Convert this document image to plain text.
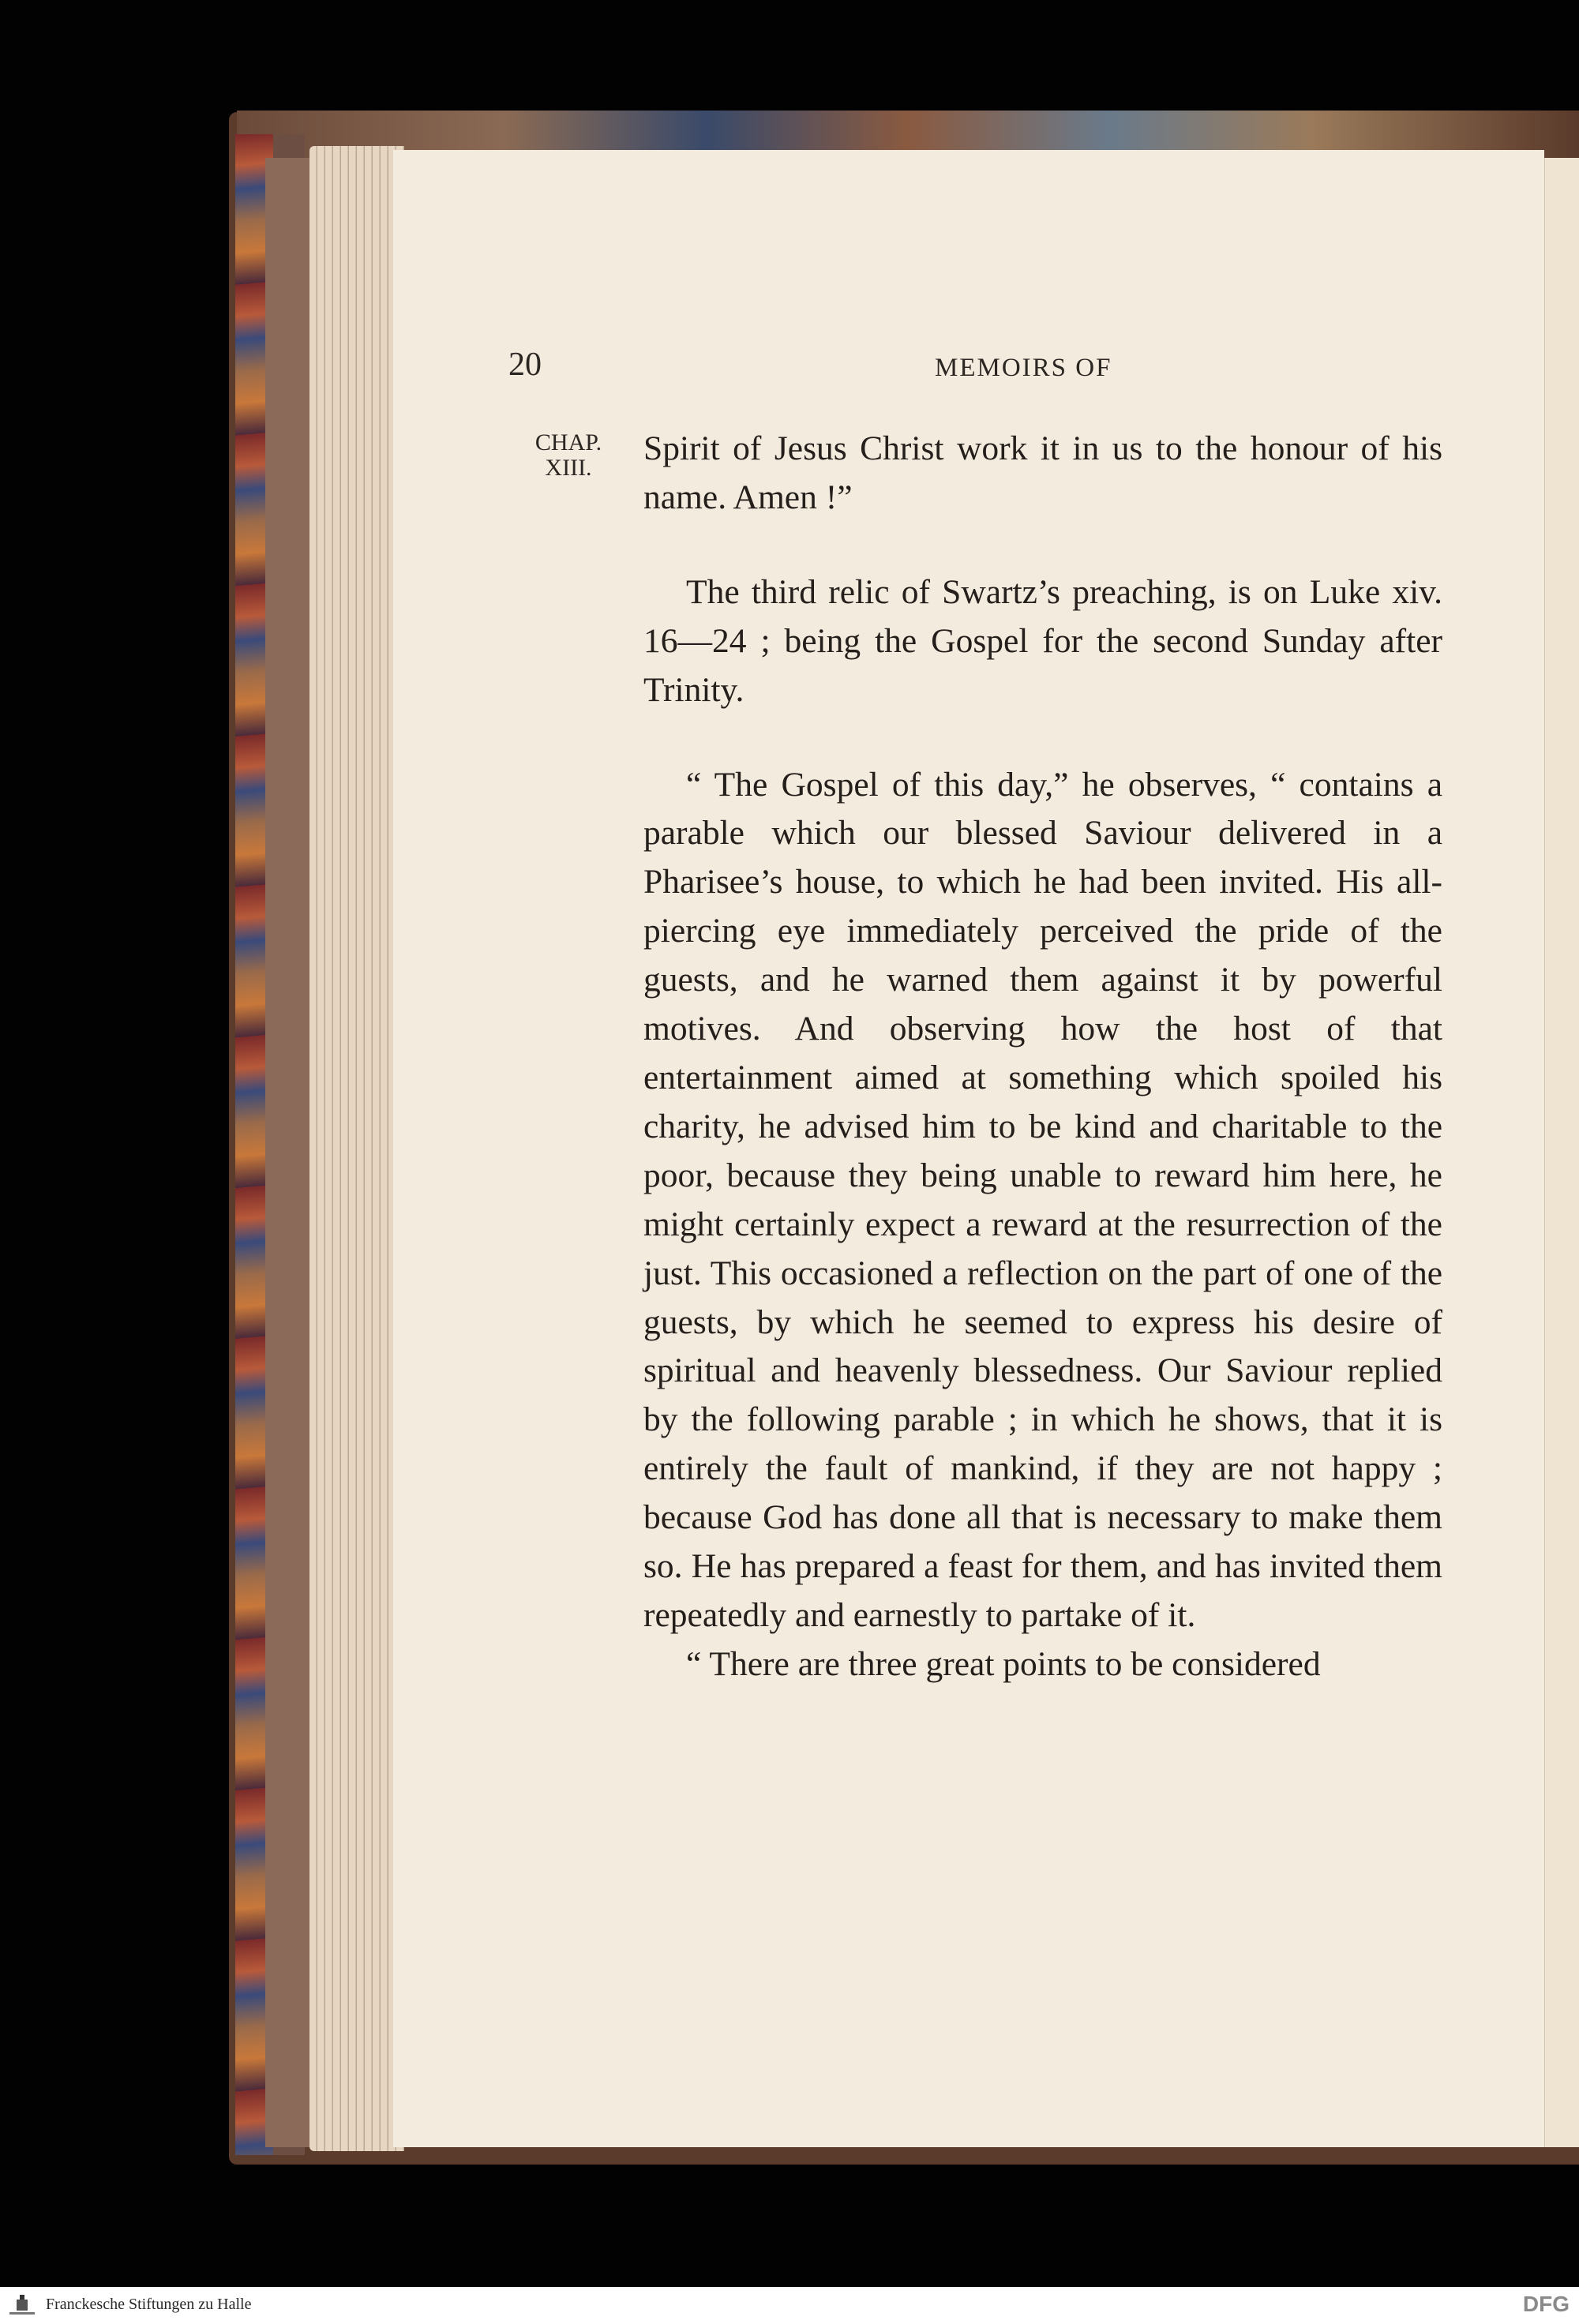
20	MEMOIRS OF
CHAP.
XIII.

Spirit of Jesus Christ work it in us to the honour of his name. Amen !”

The third relic of Swartz’s preaching, is on Luke xiv. 16—24 ; being the Gospel for the second Sunday after Trinity.

“ The Gospel of this day,” he observes, “ contains a parable which our blessed Saviour delivered in a Pharisee’s house, to which he had been invited. His all-piercing eye immediately perceived the pride of the guests, and he warned them against it by powerful motives. And observing how the host of that entertainment aimed at something which spoiled his charity, he advised him to be kind and charitable to the poor, because they being unable to reward him here, he might certainly expect a reward at the resurrection of the just. This occasioned a reflection on the part of one of the guests, by which he seemed to express his desire of spiritual and heavenly blessedness. Our Saviour replied by the following parable ; in which he shows, that it is entirely the fault of mankind, if they are not happy ; because God has done all that is necessary to make them so. He has prepared a feast for them, and has invited them repeatedly and earnestly to partake of it.

“ There are three great points to be considered

Franckesche Stiftungen zu Halle	DFG
